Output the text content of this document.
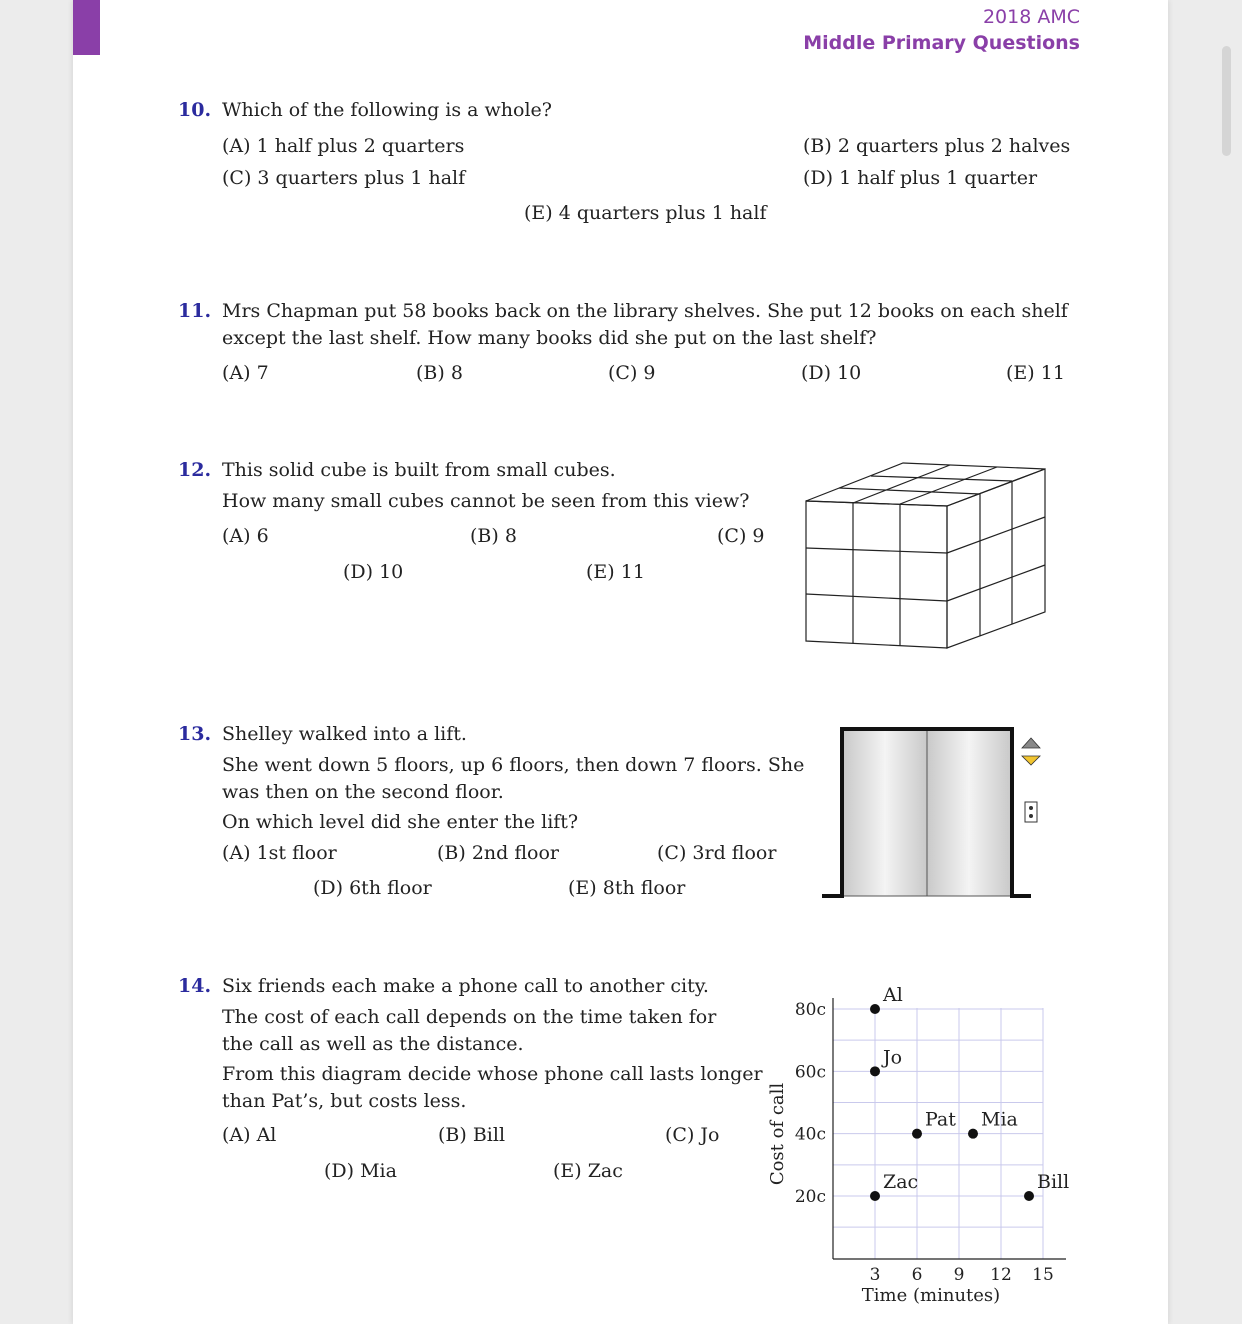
2018 AMC
Middle Primary Questions
10. Which of the following is a whole?
(A) 1 half plus 2 quarters	(B) 2 quarters plus 2 halves
(C) 3 quarters plus 1 half	(D) 1 half plus 1 quarter
(E) 4 quarters plus 1 half
11. Mrs Chapman put 58 books back on the library shelves. She put 12 books on each shelf
except the last shelf. How many books did she put on the last shelf?
(A) 7	(B) 8	(C) 9	(D) 10	(E) 11
12. This solid cube is built from small cubes.
How many small cubes cannot be seen from this view?
(A) 6	(B) 8	(C) 9
(D) 10	(E) 11
13. Shelley walked into a lift.
She went down 5 floors, up 6 floors, then down 7 floors. She
was then on the second floor.
On which level did she enter the lift?
(A) 1st floor	(B) 2nd floor	(C) 3rd floor
(D) 6th floor	(E) 8th floor
14. Six friends each make a phone call to another city.
The cost of each call depends on the time taken for
the call as well as the distance.
From this diagram decide whose phone call lasts longer
than Pat’s, but costs less.
(A) Al	(B) Bill	(C) Jo
(D) Mia	(E) Zac
3 6 9 12 15
20c
40c
60c
80c
Time (minutes)
Cost of call
Al
Jo
Pat Mia
Zac	Bill
